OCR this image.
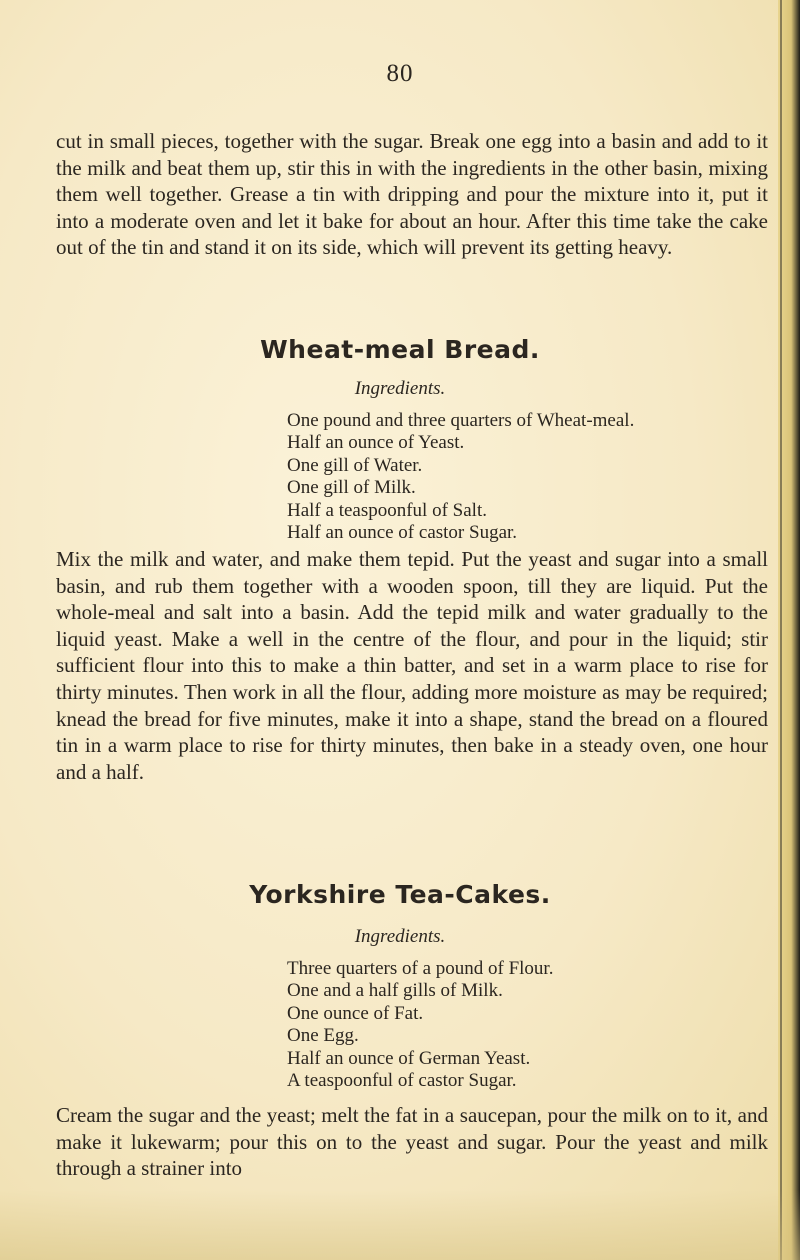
80

cut in small pieces, together with the sugar. Break one egg into a basin and add to it the milk and beat them up, stir this in with the ingredients in the other basin, mixing them well together. Grease a tin with dripping and pour the mixture into it, put it into a moderate oven and let it bake for about an hour. After this time take the cake out of the tin and stand it on its side, which will prevent its getting heavy.

Wheat-meal Bread.
Ingredients.
One pound and three quarters of Wheat-meal.
Half an ounce of Yeast.
One gill of Water.
One gill of Milk.
Half a teaspoonful of Salt.
Half an ounce of castor Sugar.

Mix the milk and water, and make them tepid. Put the yeast and sugar into a small basin, and rub them together with a wooden spoon, till they are liquid. Put the whole-meal and salt into a basin. Add the tepid milk and water gradually to the liquid yeast. Make a well in the centre of the flour, and pour in the liquid; stir sufficient flour into this to make a thin batter, and set in a warm place to rise for thirty minutes. Then work in all the flour, adding more moisture as may be required; knead the bread for five minutes, make it into a shape, stand the bread on a floured tin in a warm place to rise for thirty minutes, then bake in a steady oven, one hour and a half.

Yorkshire Tea-Cakes.
Ingredients.
Three quarters of a pound of Flour.
One and a half gills of Milk.
One ounce of Fat.
One Egg.
Half an ounce of German Yeast.
A teaspoonful of castor Sugar.

Cream the sugar and the yeast; melt the fat in a saucepan, pour the milk on to it, and make it lukewarm; pour this on to the yeast and sugar. Pour the yeast and milk through a strainer into
